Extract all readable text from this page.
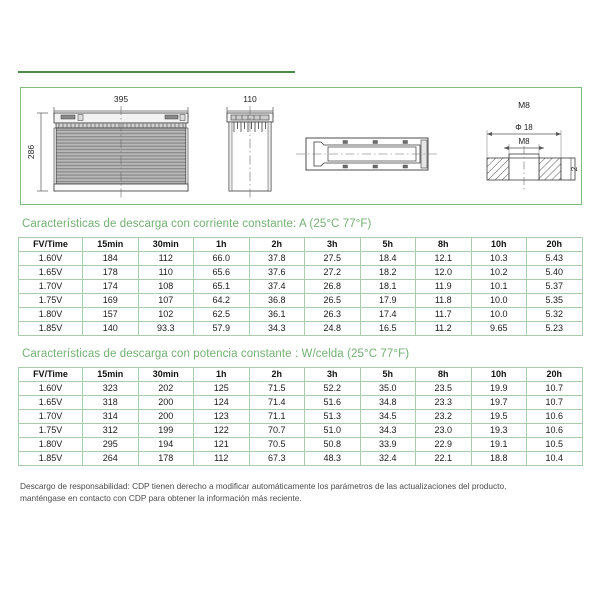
395
286
110
M8
Φ 18
M8
2
Características de descarga con corriente constante: A (25°C 77°F)
FV/Time	15min	30min	1h	2h	3h	5h	8h	10h	20h
1.60V	184	112	66.0	37.8	27.5	18.4	12.1	10.3	5.43
1.65V	178	110	65.6	37.6	27.2	18.2	12.0	10.2	5.40
1.70V	174	108	65.1	37.4	26.8	18.1	11.9	10.1	5.37
1.75V	169	107	64.2	36.8	26.5	17.9	11.8	10.0	5.35
1.80V	157	102	62.5	36.1	26.3	17.4	11.7	10.0	5.32
1.85V	140	93.3	57.9	34.3	24.8	16.5	11.2	9.65	5.23
Características de descarga con potencia constante : W/celda (25°C 77°F)
FV/Time	15min	30min	1h	2h	3h	5h	8h	10h	20h
1.60V	323	202	125	71.5	52.2	35.0	23.5	19.9	10.7
1.65V	318	200	124	71.4	51.6	34.8	23.3	19.7	10.7
1.70V	314	200	123	71.1	51.3	34.5	23.2	19.5	10.6
1.75V	312	199	122	70.7	51.0	34.3	23.0	19.3	10.6
1.80V	295	194	121	70.5	50.8	33.9	22.9	19.1	10.5
1.85V	264	178	112	67.3	48.3	32.4	22.1	18.8	10.4
Descargo de responsabilidad: CDP tienen derecho a modificar automáticamente los parámetros de las actualizaciones del producto, manténgase en contacto con CDP para obtener la información más reciente.
